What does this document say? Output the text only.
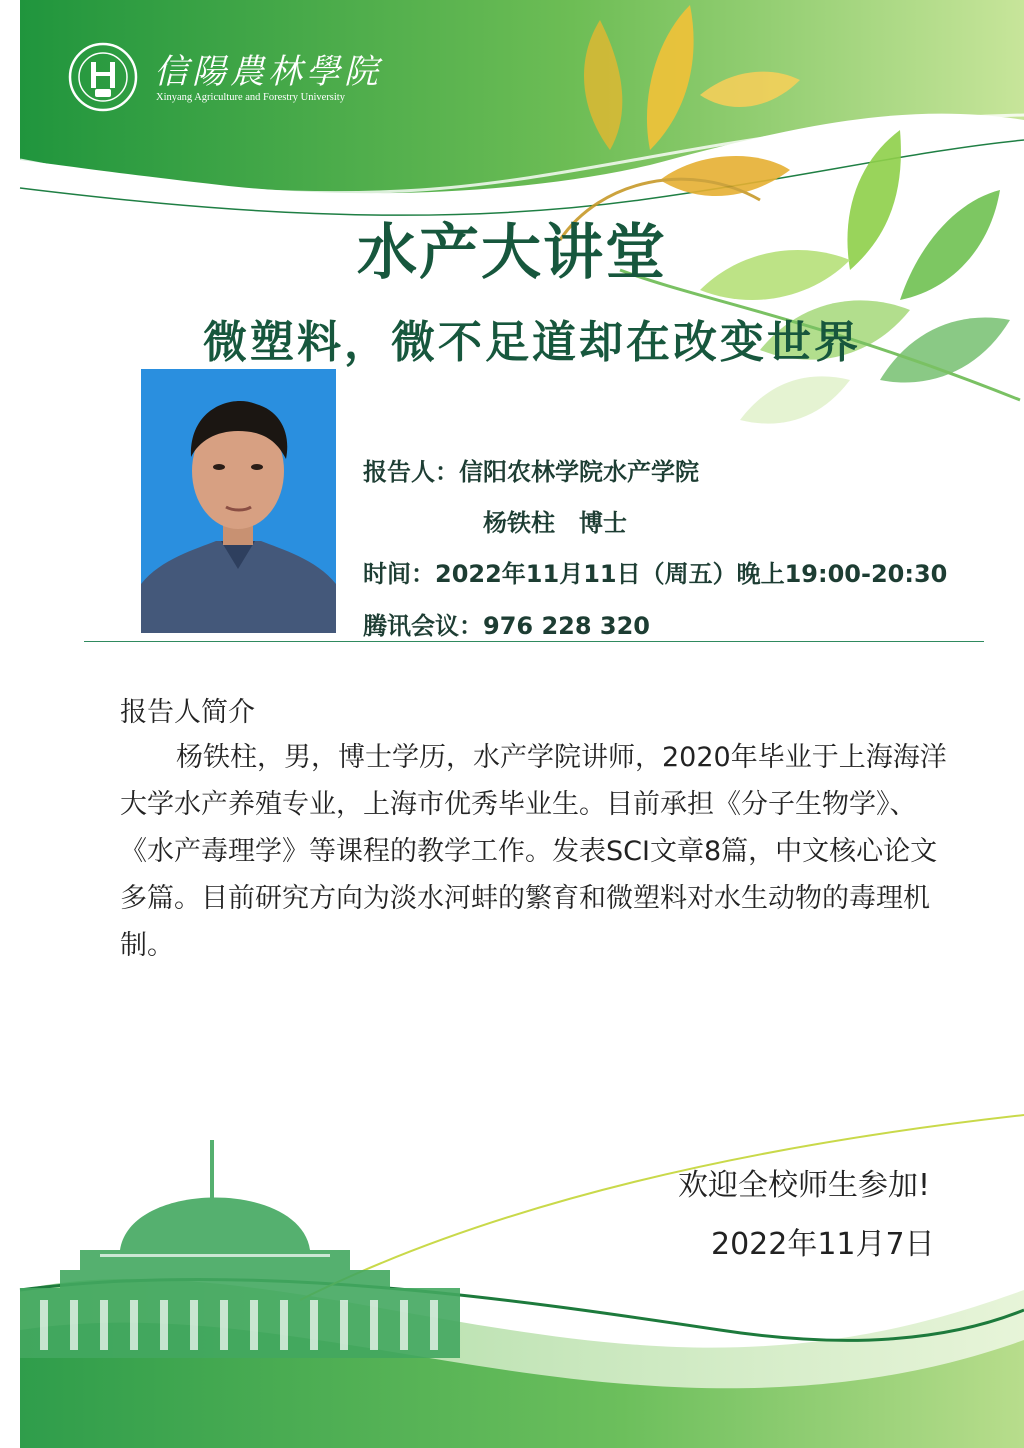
信陽農林學院
Xinyang Agriculture and Forestry University
水产大讲堂
微塑料，微不足道却在改变世界
报告人：信阳农林学院水产学院
杨铁柱　博士
时间：2022年11月11日（周五）晚上19:00-20:30
腾讯会议：976 228 320
报告人简介
杨铁柱，男，博士学历，水产学院讲师，2020年毕业于上海海洋大学水产养殖专业，上海市优秀毕业生。目前承担《分子生物学》、《水产毒理学》等课程的教学工作。发表SCI文章8篇，中文核心论文多篇。目前研究方向为淡水河蚌的繁育和微塑料对水生动物的毒理机制。
欢迎全校师生参加!
2022年11月7日
